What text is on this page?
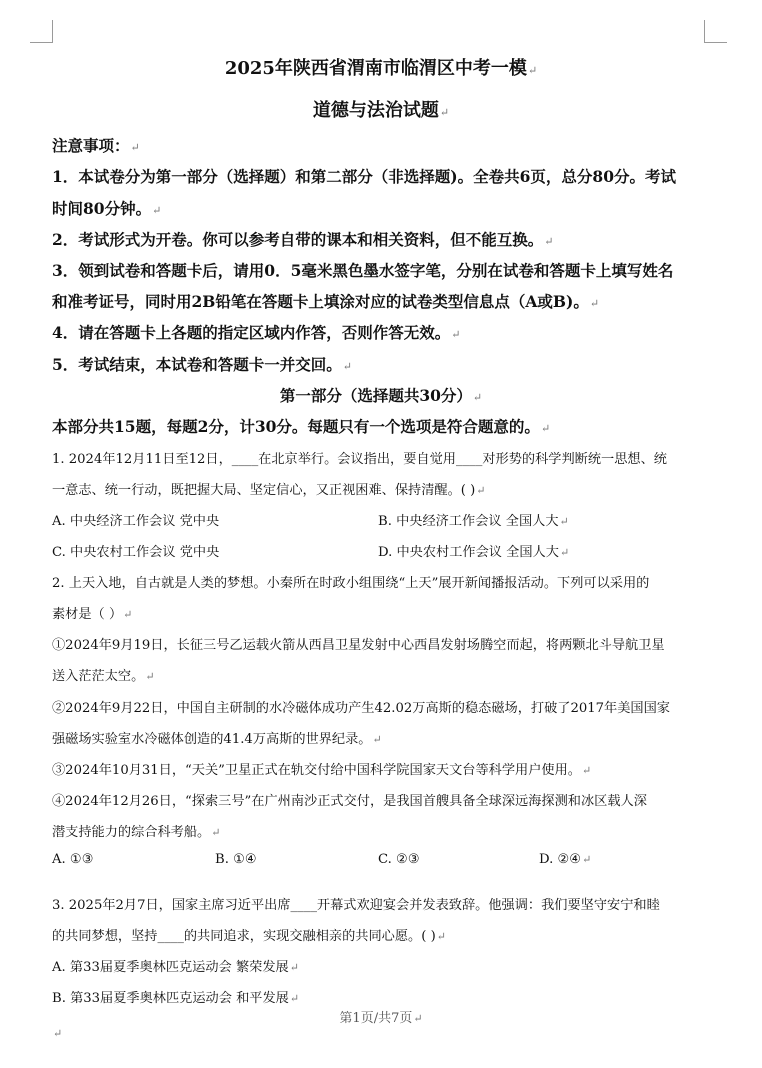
2025年陕西省渭南市临渭区中考一模↵
道德与法治试题↵
注意事项：↵
1．本试卷分为第一部分（选择题）和第二部分（非选择题)。全卷共6页，总分80分。考试
时间80分钟。↵
2．考试形式为开卷。你可以参考自带的课本和相关资料，但不能互换。↵
3．领到试卷和答题卡后，请用0．5毫米黑色墨水签字笔，分别在试卷和答题卡上填写姓名
和准考证号，同时用2B铅笔在答题卡上填涂对应的试卷类型信息点（A或B)。↵
4．请在答题卡上各题的指定区域内作答，否则作答无效。↵
5．考试结束，本试卷和答题卡一并交回。↵
第一部分（选择题共30分）↵
本部分共15题，每题2分，计30分。每题只有一个选项是符合题意的。↵
1. 2024年12月11日至12日，____在北京举行。会议指出，要自觉用____对形势的科学判断统一思想、统
一意志、统一行动，既把握大局、坚定信心，又正视困难、保持清醒。( )↵
A. 中央经济工作会议 党中央	B. 中央经济工作会议 全国人大↵
C. 中央农村工作会议 党中央	D. 中央农村工作会议 全国人大↵
2. 上天入地，自古就是人类的梦想。小秦所在时政小组围绕“上天”展开新闻播报活动。下列可以采用的
素材是（ ）↵
①2024年9月19日，长征三号乙运载火箭从西昌卫星发射中心西昌发射场腾空而起，将两颗北斗导航卫星
送入茫茫太空。↵
②2024年9月22日，中国自主研制的水冷磁体成功产生42.02万高斯的稳态磁场，打破了2017年美国国家
强磁场实验室水冷磁体创造的41.4万高斯的世界纪录。↵
③2024年10月31日，“天关”卫星正式在轨交付给中国科学院国家天文台等科学用户使用。↵
④2024年12月26日，“探索三号”在广州南沙正式交付，是我国首艘具备全球深远海探测和冰区载人深
潜支持能力的综合科考船。↵
A. ①③	B. ①④	C. ②③	D. ②④↵
3. 2025年2月7日，国家主席习近平出席____开幕式欢迎宴会并发表致辞。他强调：我们要坚守安宁和睦
的共同梦想，坚持____的共同追求，实现交融相亲的共同心愿。( )↵
A. 第33届夏季奥林匹克运动会 繁荣发展↵
B. 第33届夏季奥林匹克运动会 和平发展↵
第1页/共7页↵
↵
